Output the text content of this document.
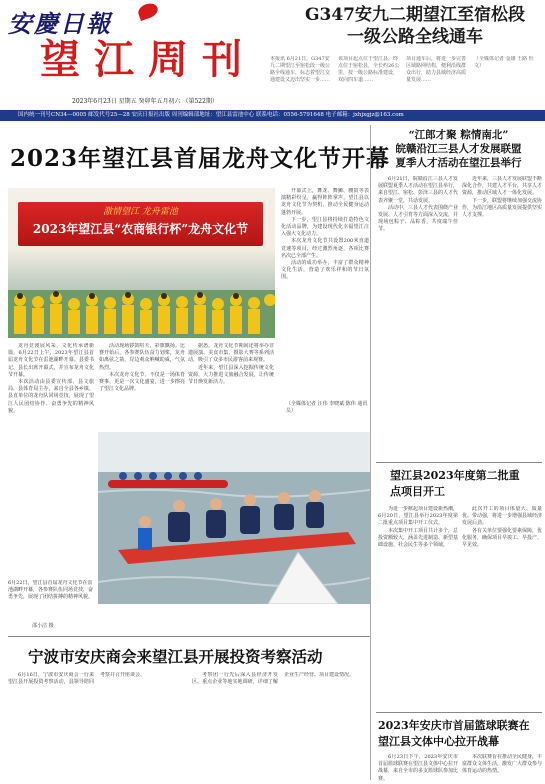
安慶日報
望江周刊
2023年6月23日 星期五 癸卯年五月初六 （第522期）
G347安九二期望江至宿松段
一级公路全线通车
本报讯 6月21日，G347安九二期望江至宿松段一级公路全线通车，标志着望江交通建设又迈出坚实一步……
该项目起点位于望江县，终点位于宿松县，全长约26公里，按一级公路标准建设，双向四车道……
项目通车后，将进一步完善区域路网结构，便利沿线群众出行，助力县域经济高质量发展……
（全媒体记者 金雄 王路 杜文）
国内统一刊号CN34—0005 邮发代号25—28 安庆日报社出版 周刊编辑部地址：望江县雷池中心 联系电话：0556-5791648 电子邮箱：jxhjxgjz@163.com
2023年望江县首届龙舟文化节开幕
激情望江 龙舟雷池
2023年望江县“农商银行杯”龙舟文化节

龙舟竞渡展风采，文化传承谱新篇。6月22日上午，2023年望江县首届龙舟文化节在雷池湖畔开幕。县委书记、县长出席开幕式，并宣布龙舟文化节开幕。

本次活动由县委宣传部、县文旅局、县体育局主办，来自全县各乡镇、县直单位的龙舟队同场竞技，展现了望江人民团结协作、奋勇争先的精神风貌。

活动现场锣鼓喧天，彩旗飘扬。比赛开始后，各参赛队伍奋力划桨，龙舟如离弦之箭，岸边观众呐喊助威，气氛热烈。

本次龙舟文化节，不仅是一场体育赛事，更是一次文化盛宴，进一步擦亮了望江文化品牌。

据悉，龙舟文化节期间还将举办非遗展演、美食市集、摄影大赛等系列活动，吸引了众多市民游客前来观赛。

近年来，望江县深入挖掘传统文化资源，大力推进文旅融合发展，让传统节日焕发新活力。

开幕式上，舞龙、舞狮、腰鼓等表演精彩纷呈，赢得阵阵掌声。望江县以龙舟文化节为契机，推动全民健身运动蓬勃开展。

下一步，望江县将持续打造特色文化活动品牌，为建设现代化幸福望江注入强大文化动力。

本次龙舟文化节共设置200米直道竞速等项目，经过激烈角逐，各项比赛名次已全部产生。

活动的成功举办，丰富了群众精神文化生活，营造了欢乐祥和的节日氛围。

（全媒体记者 汪伟 李晓斌 陈伟 通讯员）
6月22日，望江县首届龙舟文化节在雷池湖畔开幕，各参赛队伍同场竞技，奋勇争先，展现了团结拼搏的精神风貌。
邵小洁 摄
宁波市安庆商会来望江县开展投资考察活动

6月16日，宁波市安庆商会一行来望江县开展投资考察活动，县领导陪同考察并召开座谈会。	考察团一行先后深入县经济开发区、重点企业等地实地调研，详细了解企业生产经营、项目建设情况。

“江郎才聚 粽情南北”
皖赣沿江三县人才发展联盟
夏季人才活动在望江县举行

6月21日，皖赣沿江三县人才发展联盟夏季人才活动在望江县举行，来自望江、宿松、彭泽三县的人才代表齐聚一堂，共话发展。

活动中，三县人才代表围绕产业发展、人才引育等方面深入交流，并现场包粽子、品粽香，共度端午佳节。

近年来，三县人才发展联盟不断深化合作，共建人才平台，共享人才资源，推动区域人才一体化发展。

下一步，联盟将继续加强交流协作，为沿江地区高质量发展提供坚实人才支撑。

望江县2023年度第二批重点项目开工

为进一步掀起项目建设新热潮，6月20日，望江县举行2023年度第二批重点项目集中开工仪式。

本次集中开工项目共计多个，总投资额较大，涵盖先进制造、新型基础设施、社会民生等多个领域。

此次开工的项目体量大、质量优、带动强，将进一步增强县域经济发展后劲。

各有关单位要强化要素保障，优化服务，确保项目早竣工、早投产、早见效。

2023年安庆市首届篮球联赛在望江县文体中心拉开战幕

6月23日下午，2023年安庆市首届篮球联赛在望江县文体中心拉开战幕，来自全市的多支篮球队参加比赛。

本次联赛旨在推动全民健身，丰富群众文体生活，激发广大群众参与体育运动的热情。
